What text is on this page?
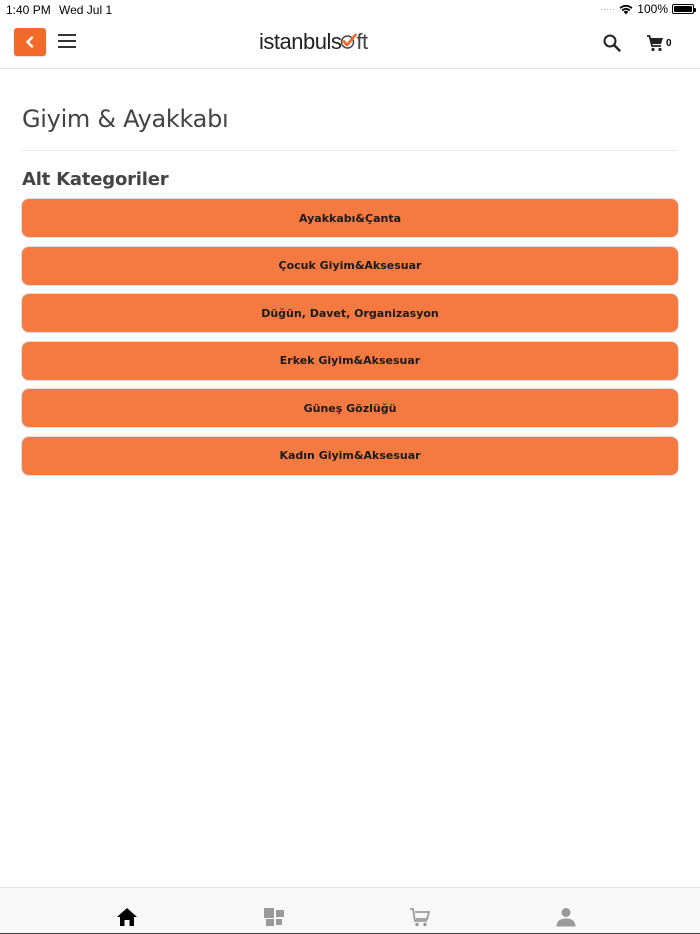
1:40 PM Wed Jul 1	····· 100%
istanbuls ft	0
Giyim & Ayakkabı
Alt Kategoriler
Ayakkabı&Çanta
Çocuk Giyim&Aksesuar
Düğün, Davet, Organizasyon
Erkek Giyim&Aksesuar
Güneş Gözlüğü
Kadın Giyim&Aksesuar
